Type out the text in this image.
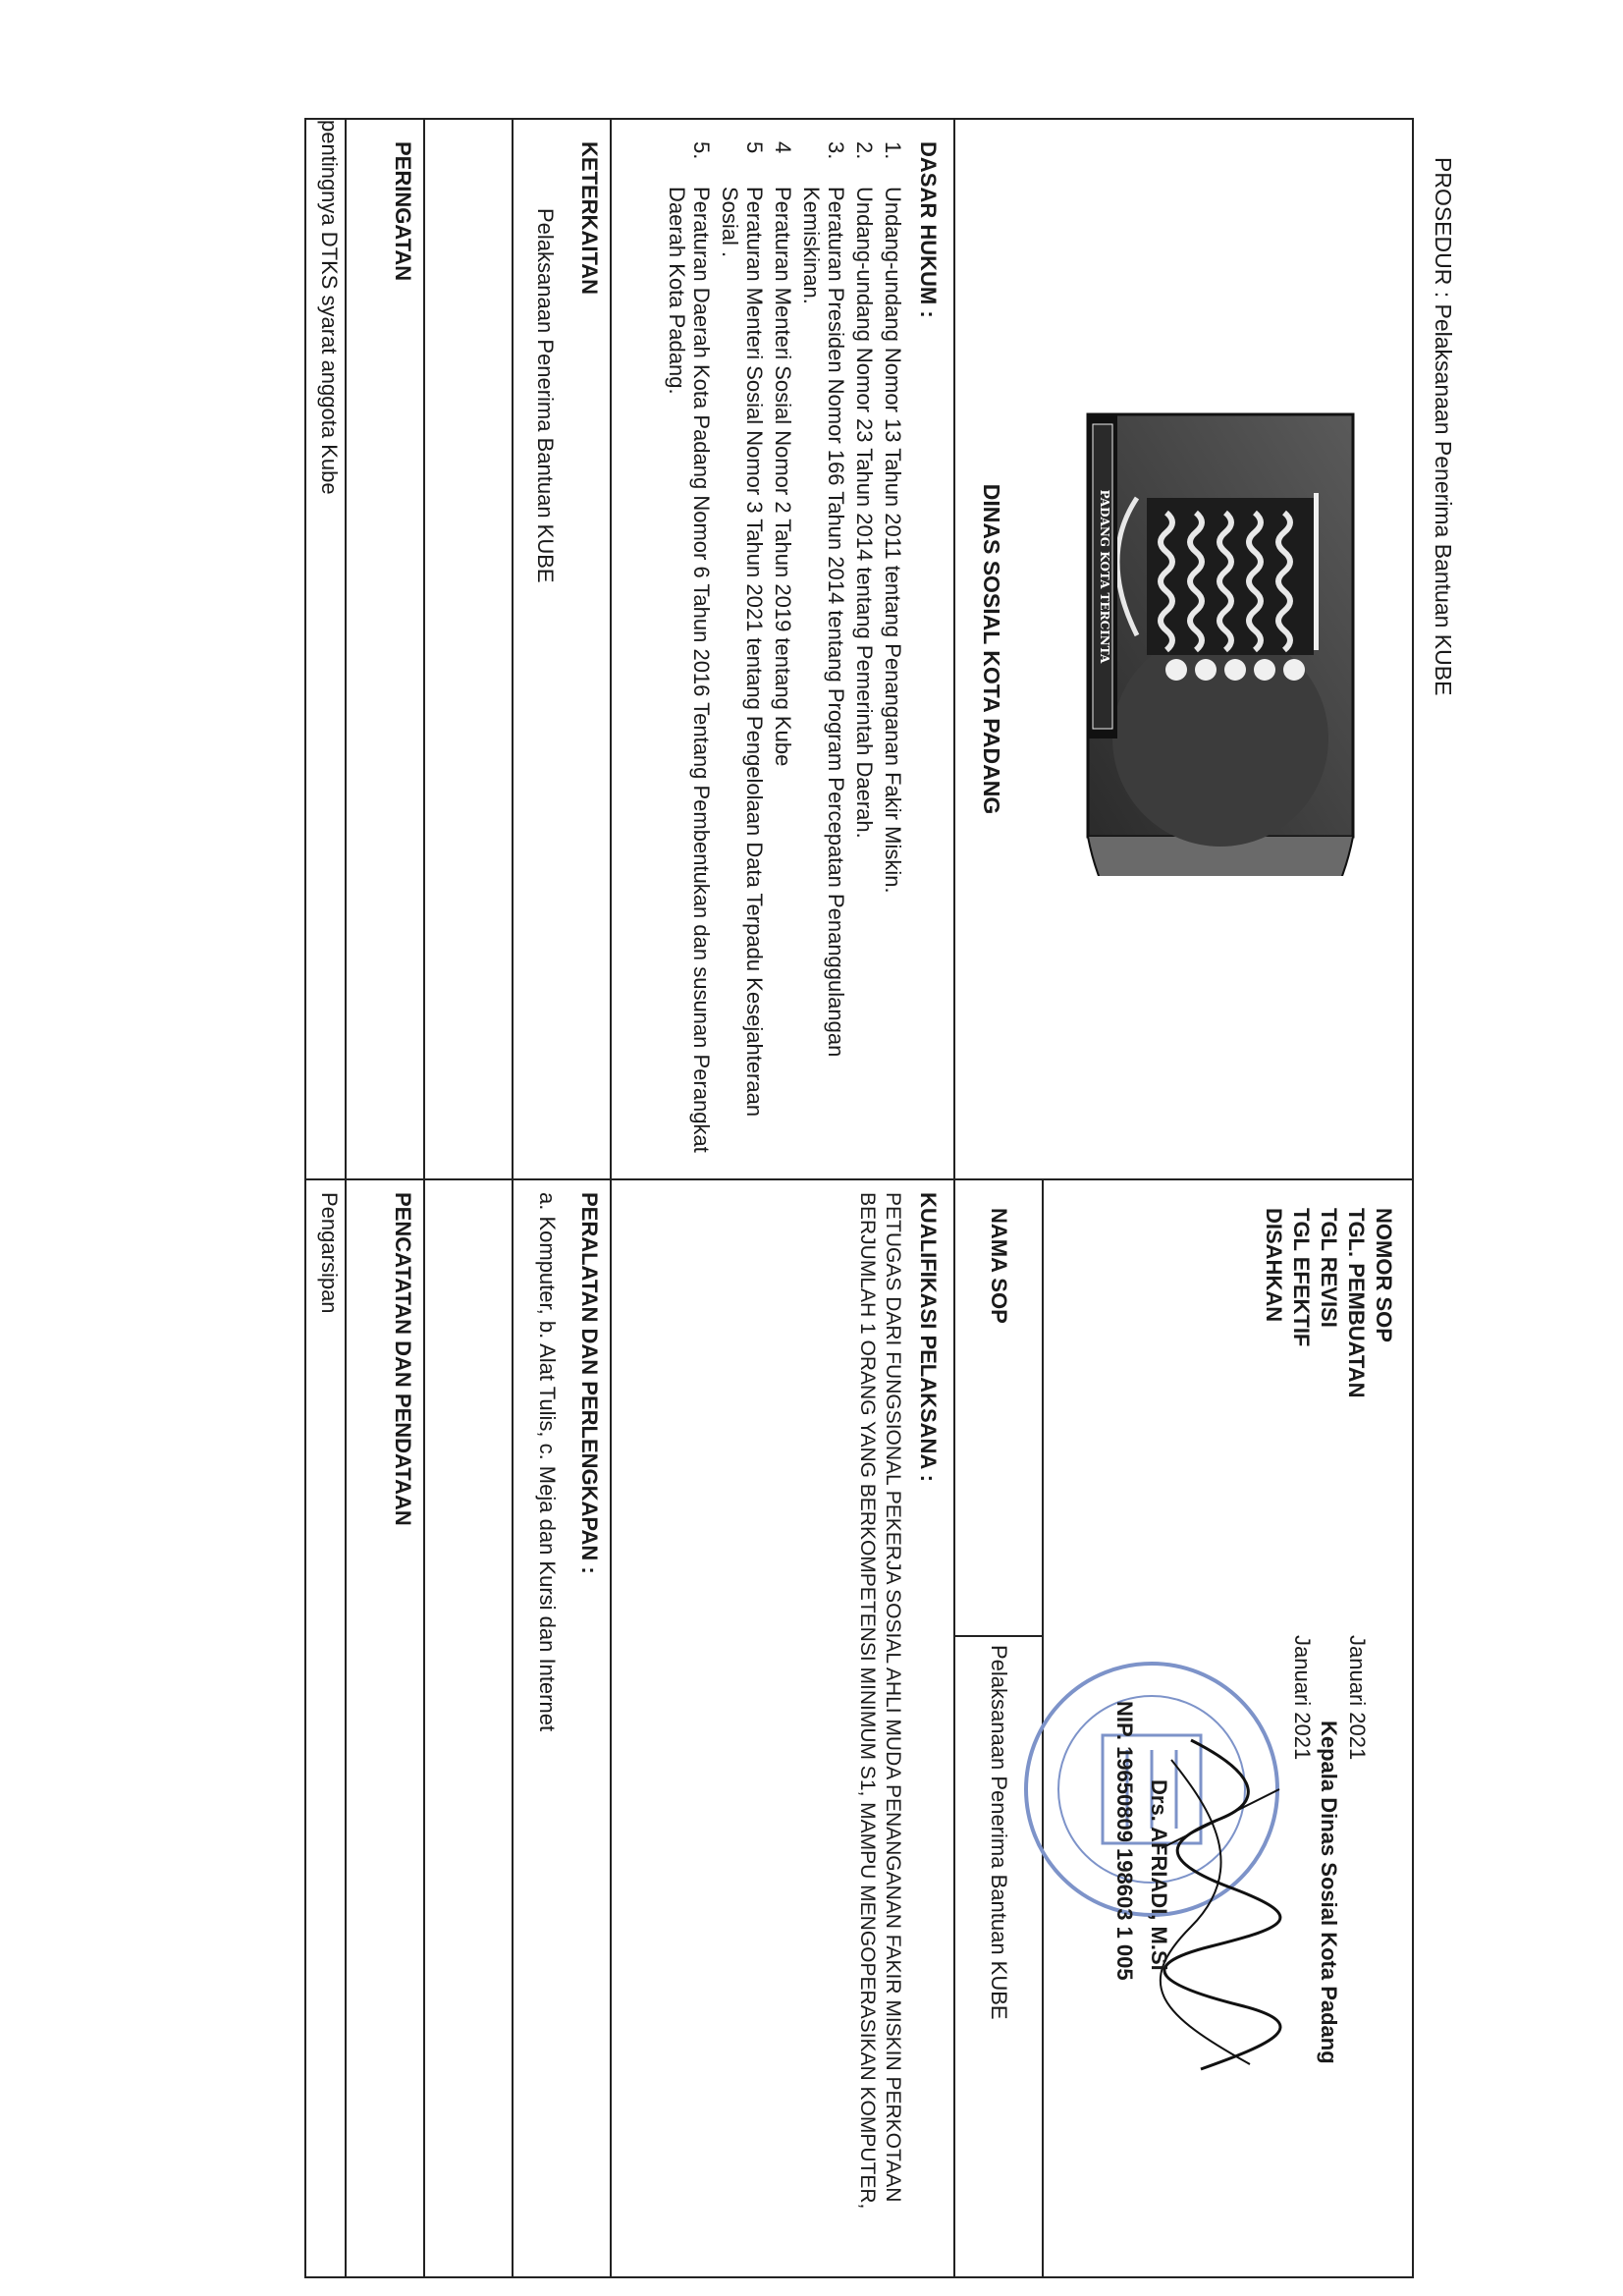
PROSEDUR : Pelaksanaan Penerima Bantuan KUBE
PADANG KOTA TERCINTA
DINAS SOSIAL KOTA PADANG
NOMOR SOP
TGL. PEMBUATAN
TGL REVISI
TGL EFEKTIF
DISAHKAN
Januari 2021
Januari 2021
Kepala Dinas Sosial Kota Padang
Drs. AFRIADI, M.Si
NIP. 19650809 198603 1 005
NAMA SOP
Pelaksanaan Penerima Bantuan KUBE
DASAR HUKUM :
1.
Undang-undang Nomor 13 Tahun 2011 tentang Penanganan Fakir Miskin.
2.
Undang-undang Nomor 23 Tahun 2014 tentang Pemerintah Daerah.
3.
Peraturan Presiden Nomor 166 Tahun 2014 tentang Program Percepatan Penanggulangan Kemiskinan.
4
Peraturan Menteri Sosial Nomor 2 Tahun 2019 tentang Kube
5
Peraturan Menteri Sosial Nomor 3 Tahun 2021 tentang Pengelolaan Data Terpadu Kesejahteraan Sosial .
5.
Peraturan Daerah Kota Padang Nomor 6 Tahun 2016 Tentang Pembentukan dan susunan Perangkat Daerah Kota Padang.
KUALIFIKASI PELAKSANA :
PETUGAS DARI FUNGSIONAL PEKERJA SOSIAL AHLI MUDA PENANGANAN FAKIR MISKIN PERKOTAAN BERJUMLAH 1 ORANG YANG BERKOMPETENSI MINIMUM S1, MAMPU MENGOPERASIKAN KOMPUTER,
KETERKAITAN
Pelaksanaan Penerima Bantuan KUBE
PERALATAN DAN PERLENGKAPAN :
a. Komputer, b. Alat Tulis, c. Meja dan Kursi dan Internet
PERINGATAN
pentingnya DTKS syarat anggota Kube
PENCATATAN DAN PENDATAAN
Pengarsipan
